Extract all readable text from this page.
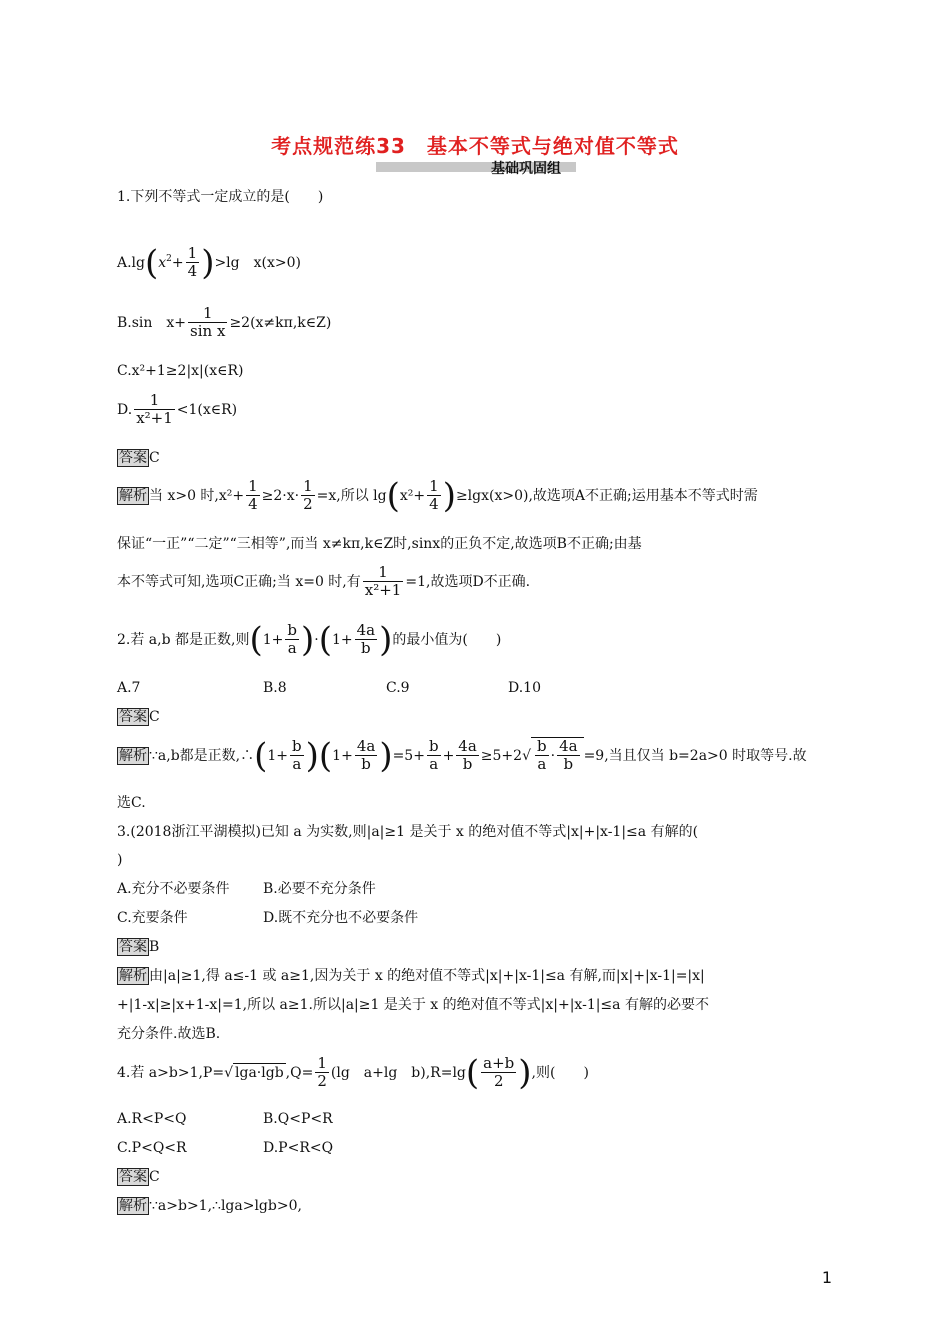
考点规范练33　基本不等式与绝对值不等式
基础巩固组
1.下列不等式一定成立的是(　　)
$A.\lg(x^2+ \frac{1}{4} )>\lg$　x(x>0)
B.sin　$x+ \frac{1}{\text{sin x}}$ ≥2(x≠kπ,k∈Z)
C.x²+1≥2|x|(x∈R)
D. $\frac{1}{\text{x²+1}}$ <1(x∈R)
答案 C
解析 当 x>0 时$,x^2+ \frac{1}{4} \ge 2\cdot x\cdot \frac{1}{2} =x$,所以 $\lg(x^2+ \frac{1}{4} )\ge\lg x(x>0)$,故选项A不正确;运用基本不等式时需
保证“一正”“二定”“三相等”,而当 x≠kπ,k∈Z时,sinx的正负不定,故选项B不正确;由基
本不等式可知,选项C正确;当 x=0 时,有 $\frac{1}{\text{x²+1}} =1$,故选项D不正确.
2.若 a,b 都是正数,则$(1+ \frac{b}{a} )\cdot(1+ \frac{4a}{b}$ )的最小值为(　　)
A.7	B.8	C.9	D.10
答案 C
解析 ∵a,b都是正数,∴(1+ $\frac{b}{a} )(1+ \frac{4a}{b} )=5+ \frac{b}{a} + \frac{4a}{b} \ge 5+2√ \frac{b}{a} \cdot \frac{4a}{b} =9$,当且仅当 b=2a>0 时取等号.故
选C.
3.(2018浙江平湖模拟)已知 a 为实数,则|a|≥1 是关于 x 的绝对值不等式|x|+|x-1|≤a 有解的(
)
A.充分不必要条件 B.必要不充分条件
C.充要条件	D.既不充分也不必要条件
答案 B
解析 由|a|≥1,得 a≤-1 或 a≥1,因为关于 x 的绝对值不等式|x|+|x-1|≤a 有解,而|x|+|x-1|=|x|
+|1-x|≥|x+1-x|=1,所以 a≥1.所以|a|≥1 是关于 x 的绝对值不等式|x|+|x-1|≤a 有解的必要不
充分条件.故选B.
4.若 a>b>1,P=√ lga·lgb $,Q= \frac{1}{2} (\lg$　a+lg　$b),R=\lg( \frac{a+b}{2}$ ),则(　　)
A.R<P<Q	B.Q<P<R
C.P<Q<R	D.P<R<Q
答案 C
解析 ∵a>b>1,∴lga>lgb>0,
1
